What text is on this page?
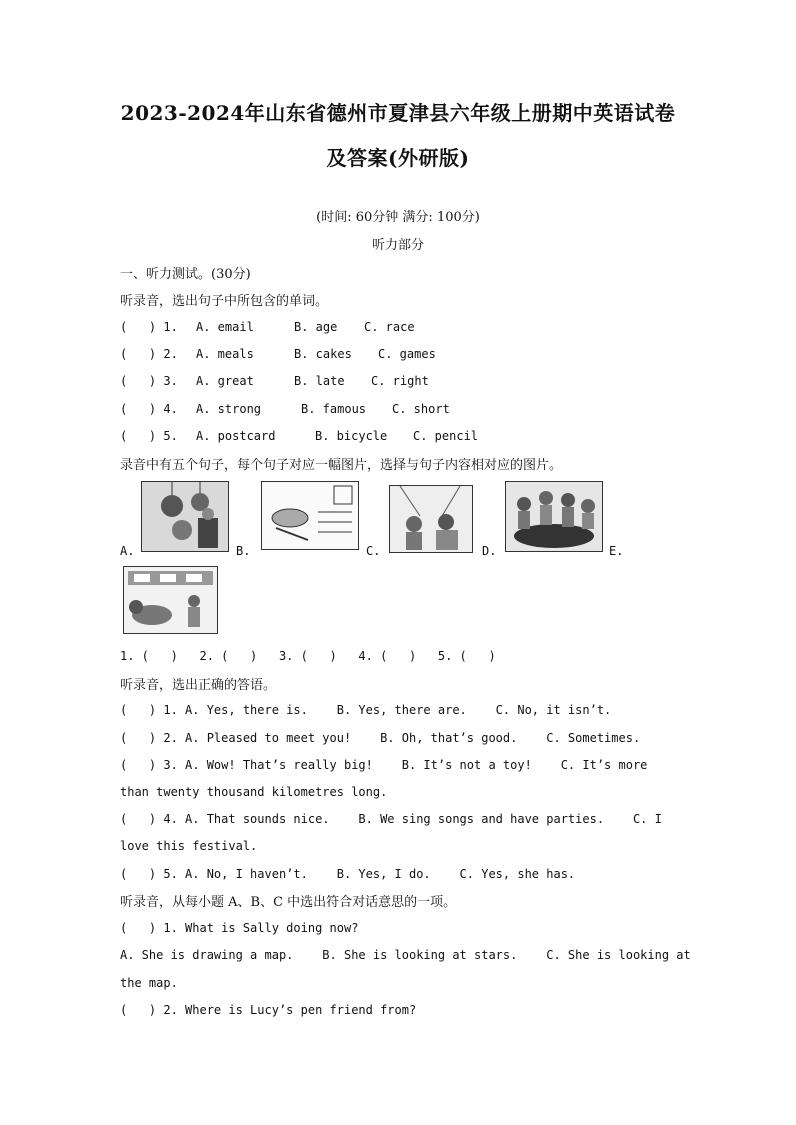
2023-2024年山东省德州市夏津县六年级上册期中英语试卷
及答案(外研版)
(时间: 60分钟 满分: 100分)
听力部分
一、听力测试。(30分)
听录音，选出句子中所包含的单词。
(   ) 1. A. email	B. age C. race
(   ) 2. A. meals	B. cakes C. games
(   ) 3. A. great	B. late C. right
(   ) 4. A. strong	B. famous C. short
(   ) 5. A. postcard	B. bicycle C. pencil
录音中有五个句子，每个句子对应一幅图片，选择与句子内容相对应的图片。
A.	B.	C.	D.	E.
1. (   )   2. (   )   3. (   )   4. (   )   5. (   )
听录音，选出正确的答语。
(   ) 1. A. Yes, there is.    B. Yes, there are.    C. No, it isn’t.
(   ) 2. A. Pleased to meet you!    B. Oh, that’s good.    C. Sometimes.
(   ) 3. A. Wow! That’s really big!    B. It’s not a toy!    C. It’s more
than twenty thousand kilometres long.
(   ) 4. A. That sounds nice.    B. We sing songs and have parties.    C. I
love this festival.
(   ) 5. A. No, I haven’t.    B. Yes, I do.    C. Yes, she has.
听录音，从每小题 A、B、C 中选出符合对话意思的一项。
(   ) 1. What is Sally doing now?
A. She is drawing a map.    B. She is looking at stars.    C. She is looking at
the map.
(   ) 2. Where is Lucy’s pen friend from?
